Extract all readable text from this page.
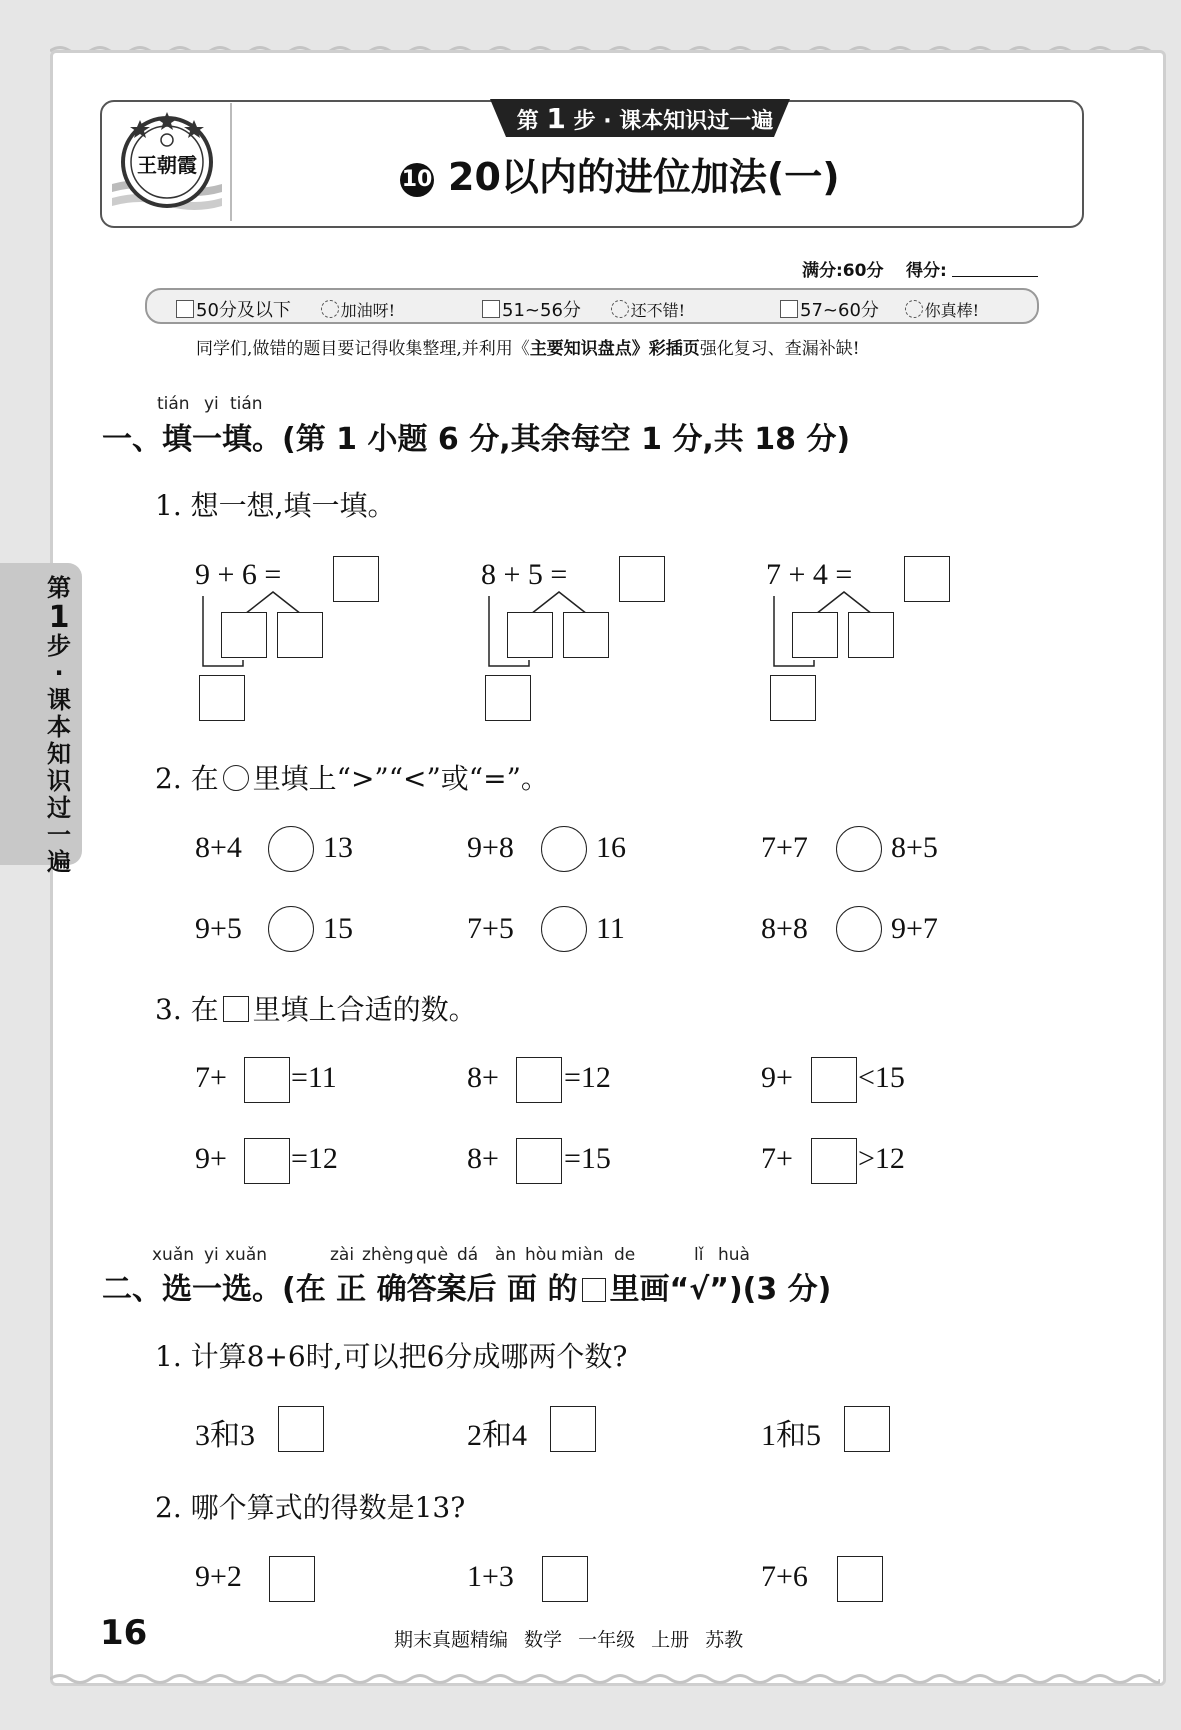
第
1
步·课本知识过一遍
王朝霞
第 1 步 · 课本知识过一遍
10 20以内的进位加法(一)
满分:60分 得分:
50分及以下	加油呀!	51~56分	还不错!	57~60分	你真棒!
同学们,做错的题目要记得收集整理,并利用《主要知识盘点》彩插页强化复习、查漏补缺!
tián yi tián
一、填一填。(第 1 小题 6 分,其余每空 1 分,共 18 分)
1. 想一想,填一填。
9 + 6 =	8 + 5 =	7 + 4 =
2. 在 里填上“>”“<”或“=”。
8+4	13	9+8	16	7+7	8+5
9+5	15	7+5	11	8+8	9+7
3. 在 里填上合适的数。
7+ =11	8+ =12	9+ <15
9+ =12	8+ =15	7+ >12
xuǎn yi xuǎn	zài zhèng què dá àn hòu miàn de	lǐ huà
二、选一选。(在 正 确答案后 面 的 里画“√”)(3 分)
1. 计算8+6时,可以把6分成哪两个数?
3和3	2和4	1和5
2. 哪个算式的得数是13?
9+2	1+3	7+6
16	期末真题精编 数学 一年级 上册 苏教
